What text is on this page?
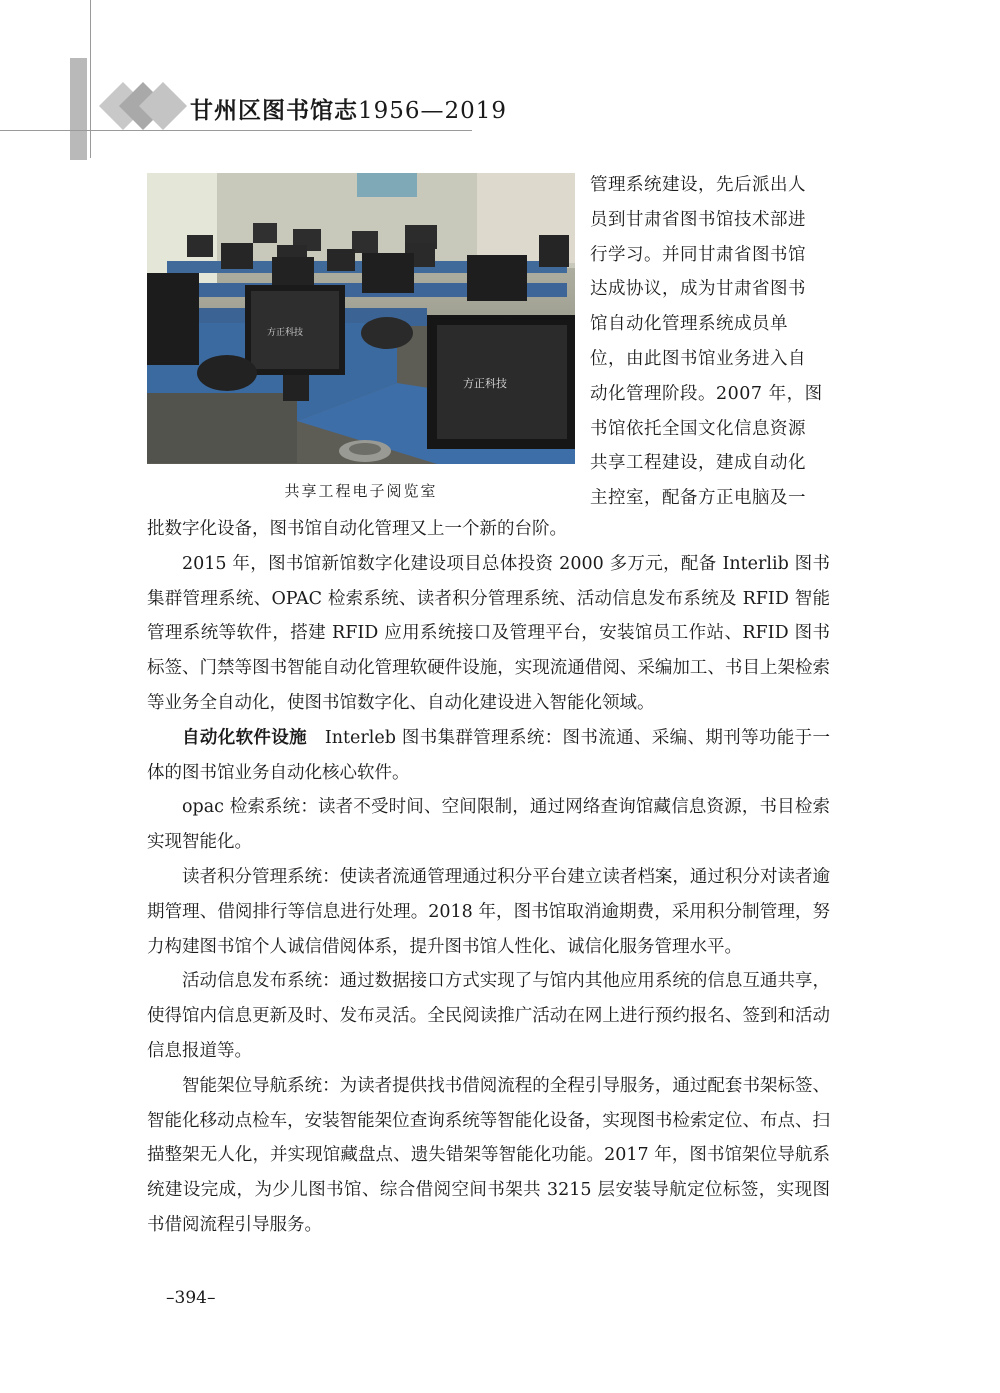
甘州区图书馆志1956—2019
方正科技
方正科技
共享工程电子阅览室
管理系统建设，先后派出人
员到甘肃省图书馆技术部进
行学习。并同甘肃省图书馆
达成协议，成为甘肃省图书
馆自动化管理系统成员单
位，由此图书馆业务进入自
动化管理阶段。2007 年，图
书馆依托全国文化信息资源
共享工程建设，建成自动化
主控室，配备方正电脑及一

批数字化设备，图书馆自动化管理又上一个新的台阶。

2015 年，图书馆新馆数字化建设项目总体投资 2000 多万元，配备 Interlib 图书集群管理系统、OPAC 检索系统、读者积分管理系统、活动信息发布系统及 RFID 智能管理系统等软件，搭建 RFID 应用系统接口及管理平台，安装馆员工作站、RFID 图书标签、门禁等图书智能自动化管理软硬件设施，实现流通借阅、采编加工、书目上架检索等业务全自动化，使图书馆数字化、自动化建设进入智能化领域。

自动化软件设施　 Interleb 图书集群管理系统：图书流通、采编、期刊等功能于一体的图书馆业务自动化核心软件。

opac 检索系统：读者不受时间、空间限制，通过网络查询馆藏信息资源，书目检索实现智能化。

读者积分管理系统：使读者流通管理通过积分平台建立读者档案，通过积分对读者逾期管理、借阅排行等信息进行处理。2018 年，图书馆取消逾期费，采用积分制管理，努力构建图书馆个人诚信借阅体系，提升图书馆人性化、诚信化服务管理水平。

活动信息发布系统：通过数据接口方式实现了与馆内其他应用系统的信息互通共享，使得馆内信息更新及时、发布灵活。全民阅读推广活动在网上进行预约报名、签到和活动信息报道等。

智能架位导航系统：为读者提供找书借阅流程的全程引导服务，通过配套书架标签、智能化移动点检车，安装智能架位查询系统等智能化设备，实现图书检索定位、布点、扫描整架无人化，并实现馆藏盘点、遗失错架等智能化功能。2017 年，图书馆架位导航系统建设完成，为少儿图书馆、综合借阅空间书架共 3215 层安装导航定位标签，实现图书借阅流程引导服务。

–394–
